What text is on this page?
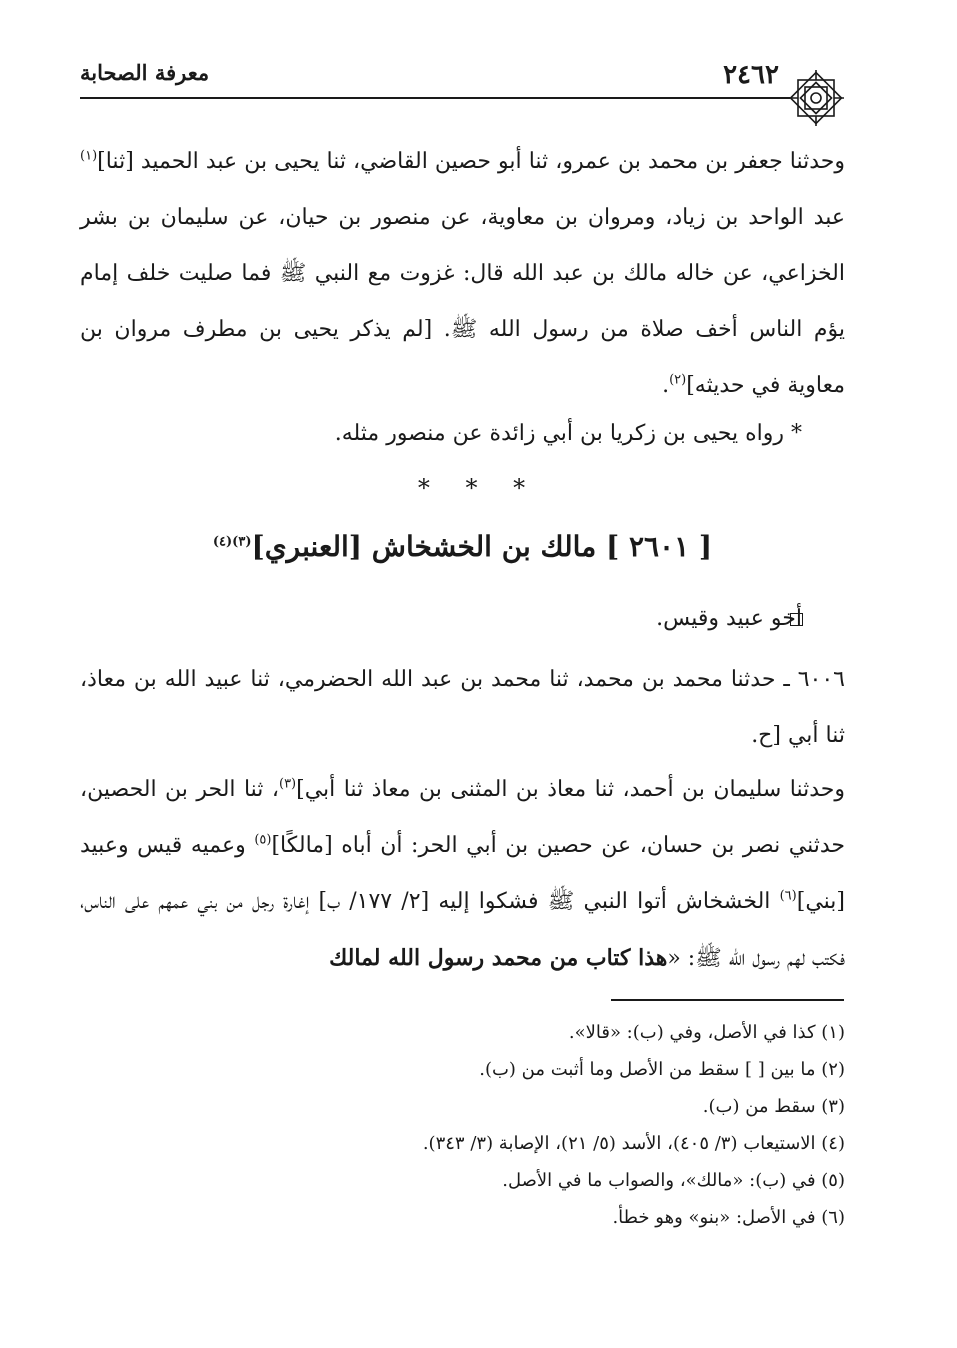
٢٤٦٢
معرفة الصحابة
وحدثنا جعفر بن محمد بن عمرو، ثنا أبو حصين القاضي، ثنا يحيى بن عبد الحميد [ثنا]$^{(١)}$ عبد الواحد بن زياد، ومروان بن معاوية، عن منصور بن حيان، عن سليمان بن بشر الخزاعي، عن خاله مالك بن عبد الله قال: غزوت مع النبي ﷺ فما صليت خلف إمام يؤم الناس أخف صلاة من رسول الله ﷺ. [لم يذكر يحيى بن مطرف مروان بن معاوية في حديثه]$^{(٢)}$.
* رواه يحيى بن زكريا بن أبي زائدة عن منصور مثله.
* * *
[ ٢٦٠١ ] مالك بن الخشخاش [العنبري]$^{(٣)(٤)}$
أخو عبيد وقيس.
٦٠٠٦ ـ حدثنا محمد بن محمد، ثنا محمد بن عبد الله الحضرمي، ثنا عبيد الله بن معاذ، ثنا أبي [ح.
وحدثنا سليمان بن أحمد، ثنا معاذ بن المثنى بن معاذ ثنا أبي]$^{(٣)}$، ثنا الحر بن الحصين، حدثني نصر بن حسان، عن حصين بن أبي الحر: أن أباه [مالكًا]$^{(٥)}$ وعميه قيس وعبيد [بني]$^{(٦)}$ الخشخاش أتوا النبي ﷺ فشكوا إليه [٢/ ١٧٧/ ب] إغارة رجل من بني عمهم على الناس، فكتب لهم رسول الله ﷺ: «هذا كتاب من محمد رسول الله لمالك
(١) كذا في الأصل، وفي (ب): «قالا».
(٢) ما بين [ ] سقط من الأصل وما أثبت من (ب).
(٣) سقط من (ب).
(٤) الاستيعاب (٣/ ٤٠٥)، الأسد (٥/ ٢١)، الإصابة (٣/ ٣٤٣).
(٥) في (ب): «مالك»، والصواب ما في الأصل.
(٦) في الأصل: «بنو» وهو خطأ.
